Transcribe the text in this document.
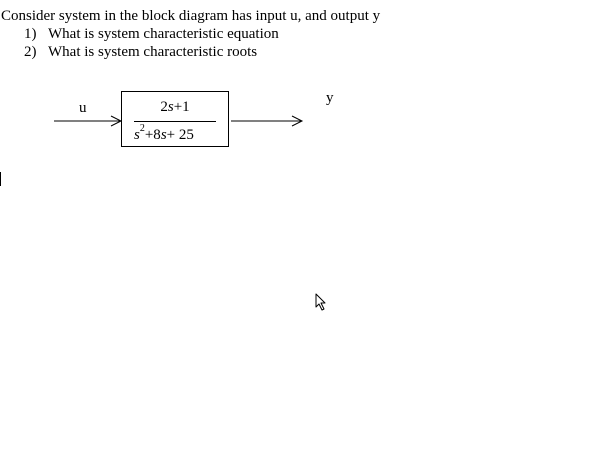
Consider system in the block diagram has input u, and output y
1) What is system characteristic equation
2) What is system characteristic roots
u
y
2s+1
$s^2+8s+ 25$
